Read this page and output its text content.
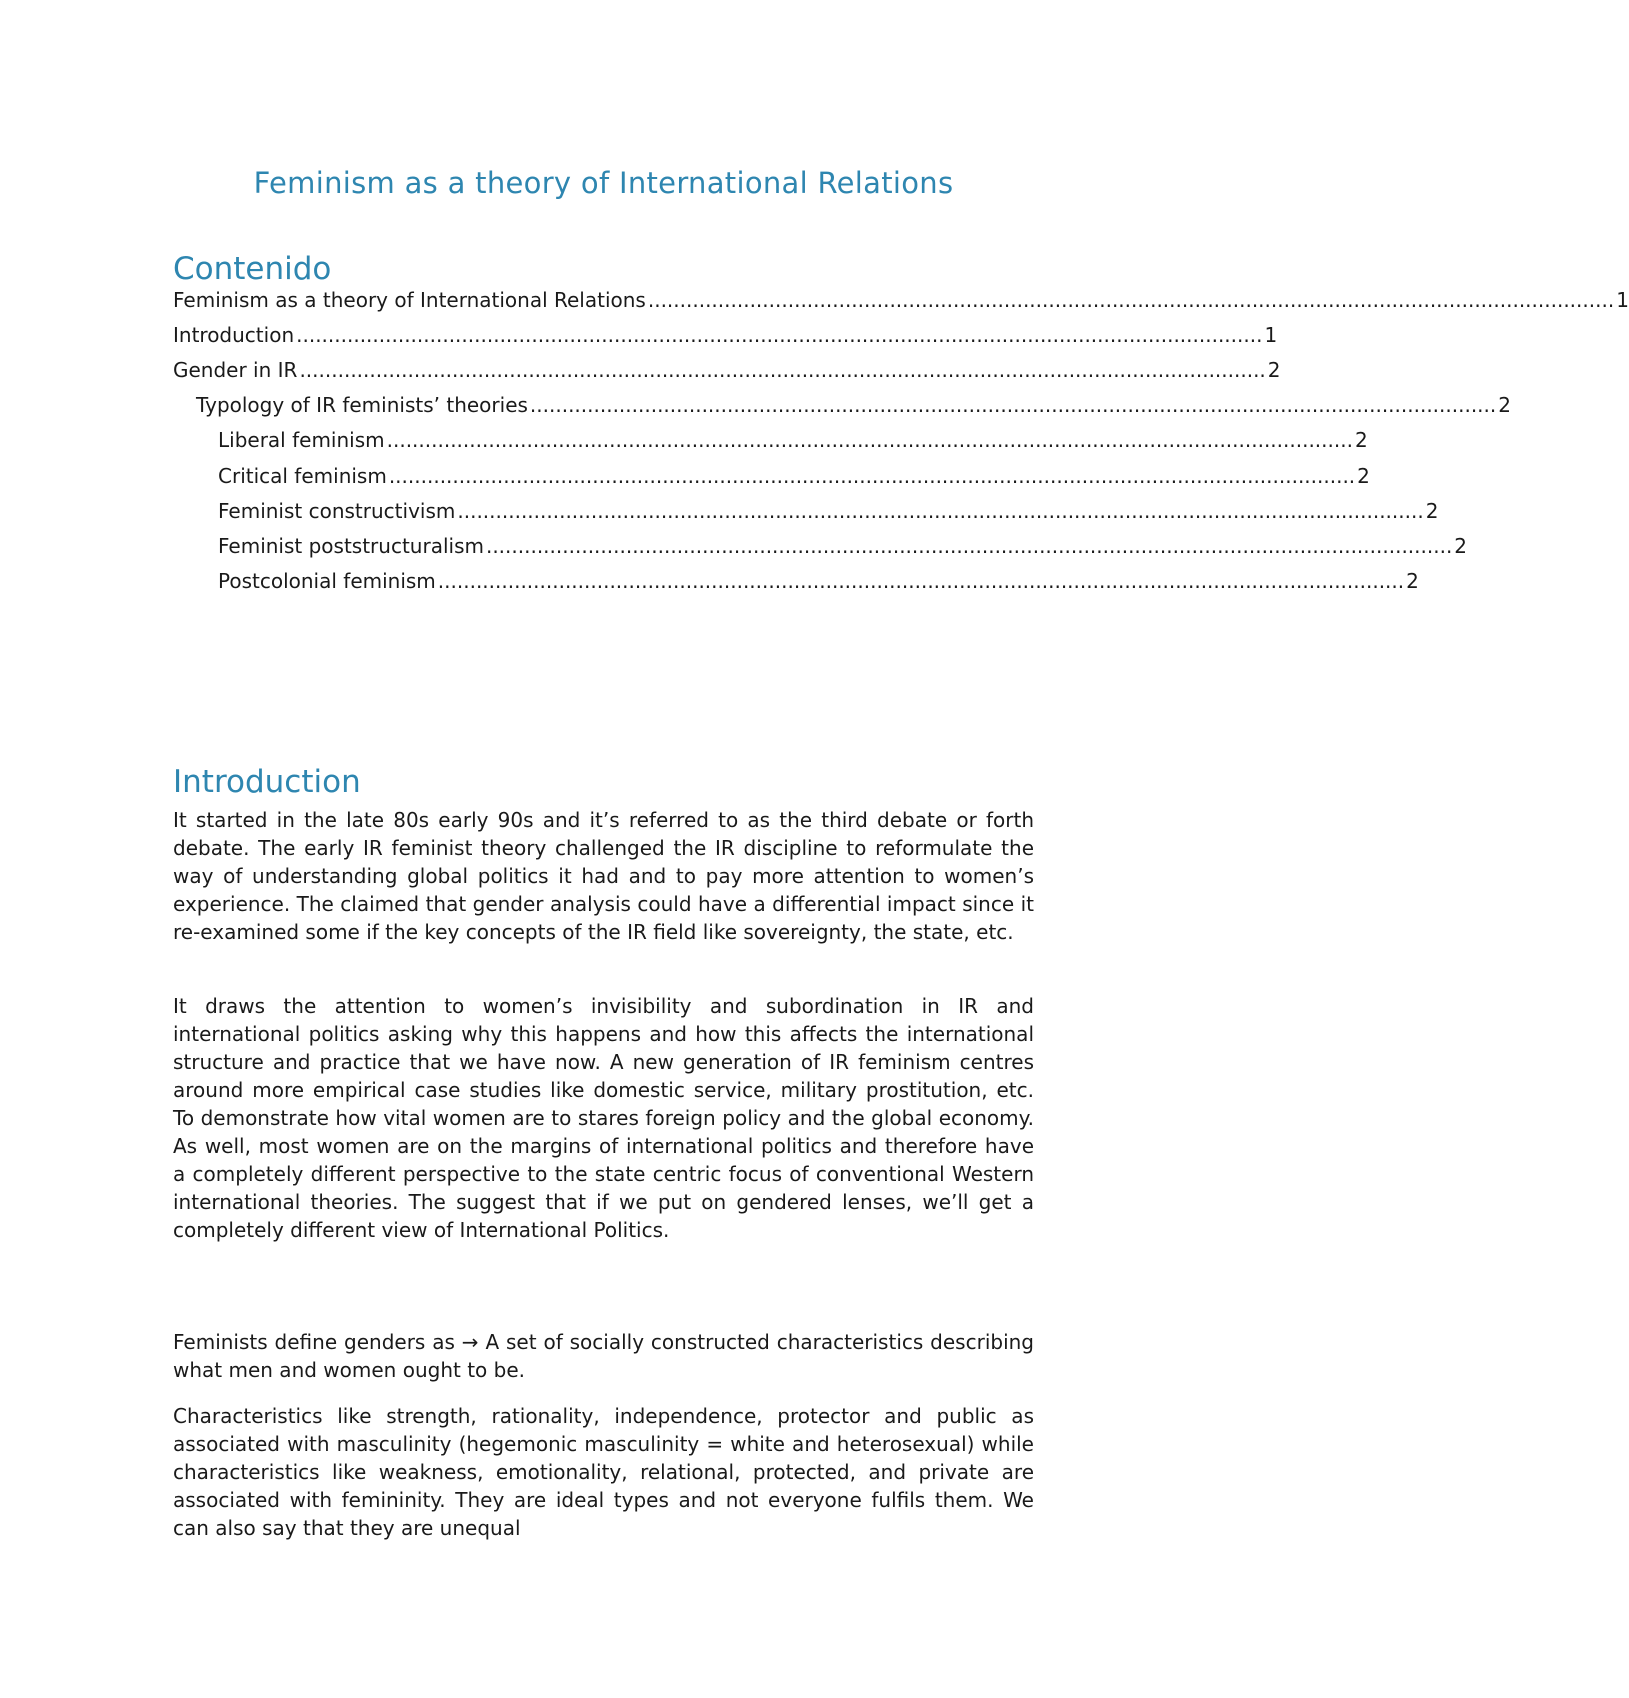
Feminism as a theory of International Relations
Contenido
Feminism as a theory of International Relations ........................................................................................................................................................ 1
Introduction ........................................................................................................................................................ 1
Gender in IR ........................................................................................................................................................ 2
Typology of IR feminists’ theories ........................................................................................................................................................ 2
Liberal feminism ........................................................................................................................................................ 2
Critical feminism ........................................................................................................................................................ 2
Feminist constructivism ........................................................................................................................................................ 2
Feminist poststructuralism ........................................................................................................................................................ 2
Postcolonial feminism ........................................................................................................................................................ 2
Introduction
It started in the late 80s early 90s and it’s referred to as the third debate or forth debate. The early IR feminist theory challenged the IR discipline to reformulate the way of understanding global politics it had and to pay more attention to women’s experience. The claimed that gender analysis could have a differential impact since it re-examined some if the key concepts of the IR field like sovereignty, the state, etc.
It draws the attention to women’s invisibility and subordination in IR and international politics asking why this happens and how this affects the international structure and practice that we have now. A new generation of IR feminism centres around more empirical case studies like domestic service, military prostitution, etc. To demonstrate how vital women are to stares foreign policy and the global economy. As well, most women are on the margins of international politics and therefore have a completely different perspective to the state centric focus of conventional Western international theories. The suggest that if we put on gendered lenses, we’ll get a completely different view of International Politics.
Feminists define genders as → A set of socially constructed characteristics describing what men and women ought to be.
Characteristics like strength, rationality, independence, protector and public as associated with masculinity (hegemonic masculinity = white and heterosexual) while characteristics like weakness, emotionality, relational, protected, and private are associated with femininity. They are ideal types and not everyone fulfils them. We can also say that they are unequal
